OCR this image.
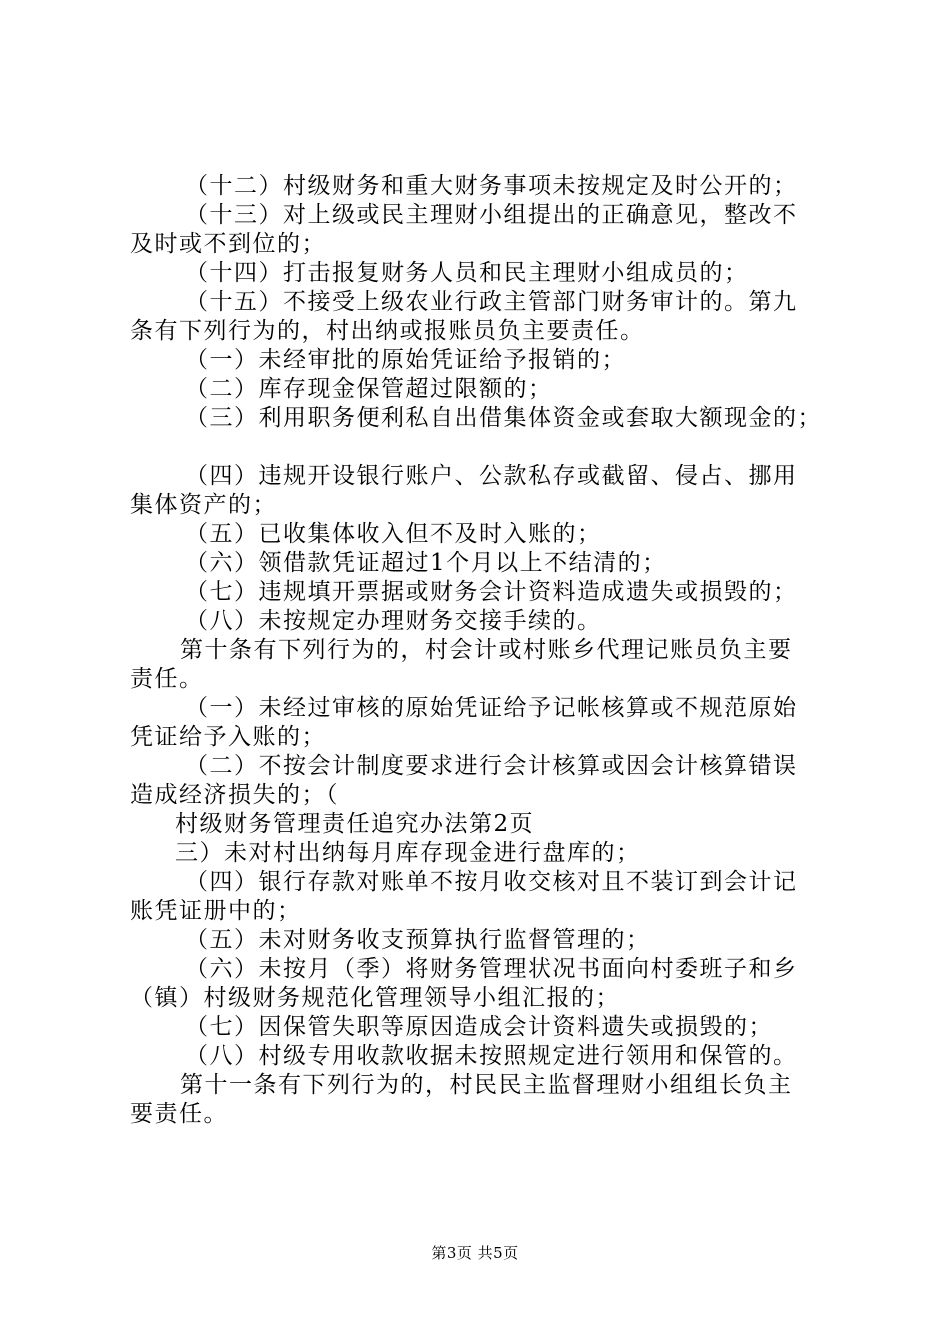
（十二）村级财务和重大财务事项未按规定及时公开的；
（十三）对上级或民主理财小组提出的正确意见，整改不
及时或不到位的；
（十四）打击报复财务人员和民主理财小组成员的；
（十五）不接受上级农业行政主管部门财务审计的。第九
条有下列行为的，村出纳或报账员负主要责任。
（一）未经审批的原始凭证给予报销的；
（二）库存现金保管超过限额的；
（三）利用职务便利私自出借集体资金或套取大额现金的；
（四）违规开设银行账户、公款私存或截留、侵占、挪用
集体资产的；
（五）已收集体收入但不及时入账的；
（六）领借款凭证超过1个月以上不结清的；
（七）违规填开票据或财务会计资料造成遗失或损毁的；
（八）未按规定办理财务交接手续的。
第十条有下列行为的，村会计或村账乡代理记账员负主要
责任。
（一）未经过审核的原始凭证给予记帐核算或不规范原始
凭证给予入账的；
（二）不按会计制度要求进行会计核算或因会计核算错误
造成经济损失的；（
村级财务管理责任追究办法第2页
三）未对村出纳每月库存现金进行盘库的；
（四）银行存款对账单不按月收交核对且不装订到会计记
账凭证册中的；
（五）未对财务收支预算执行监督管理的；
（六）未按月（季）将财务管理状况书面向村委班子和乡
（镇）村级财务规范化管理领导小组汇报的；
（七）因保管失职等原因造成会计资料遗失或损毁的；
（八）村级专用收款收据未按照规定进行领用和保管的。
第十一条有下列行为的，村民民主监督理财小组组长负主
要责任。
第3页 共5页
